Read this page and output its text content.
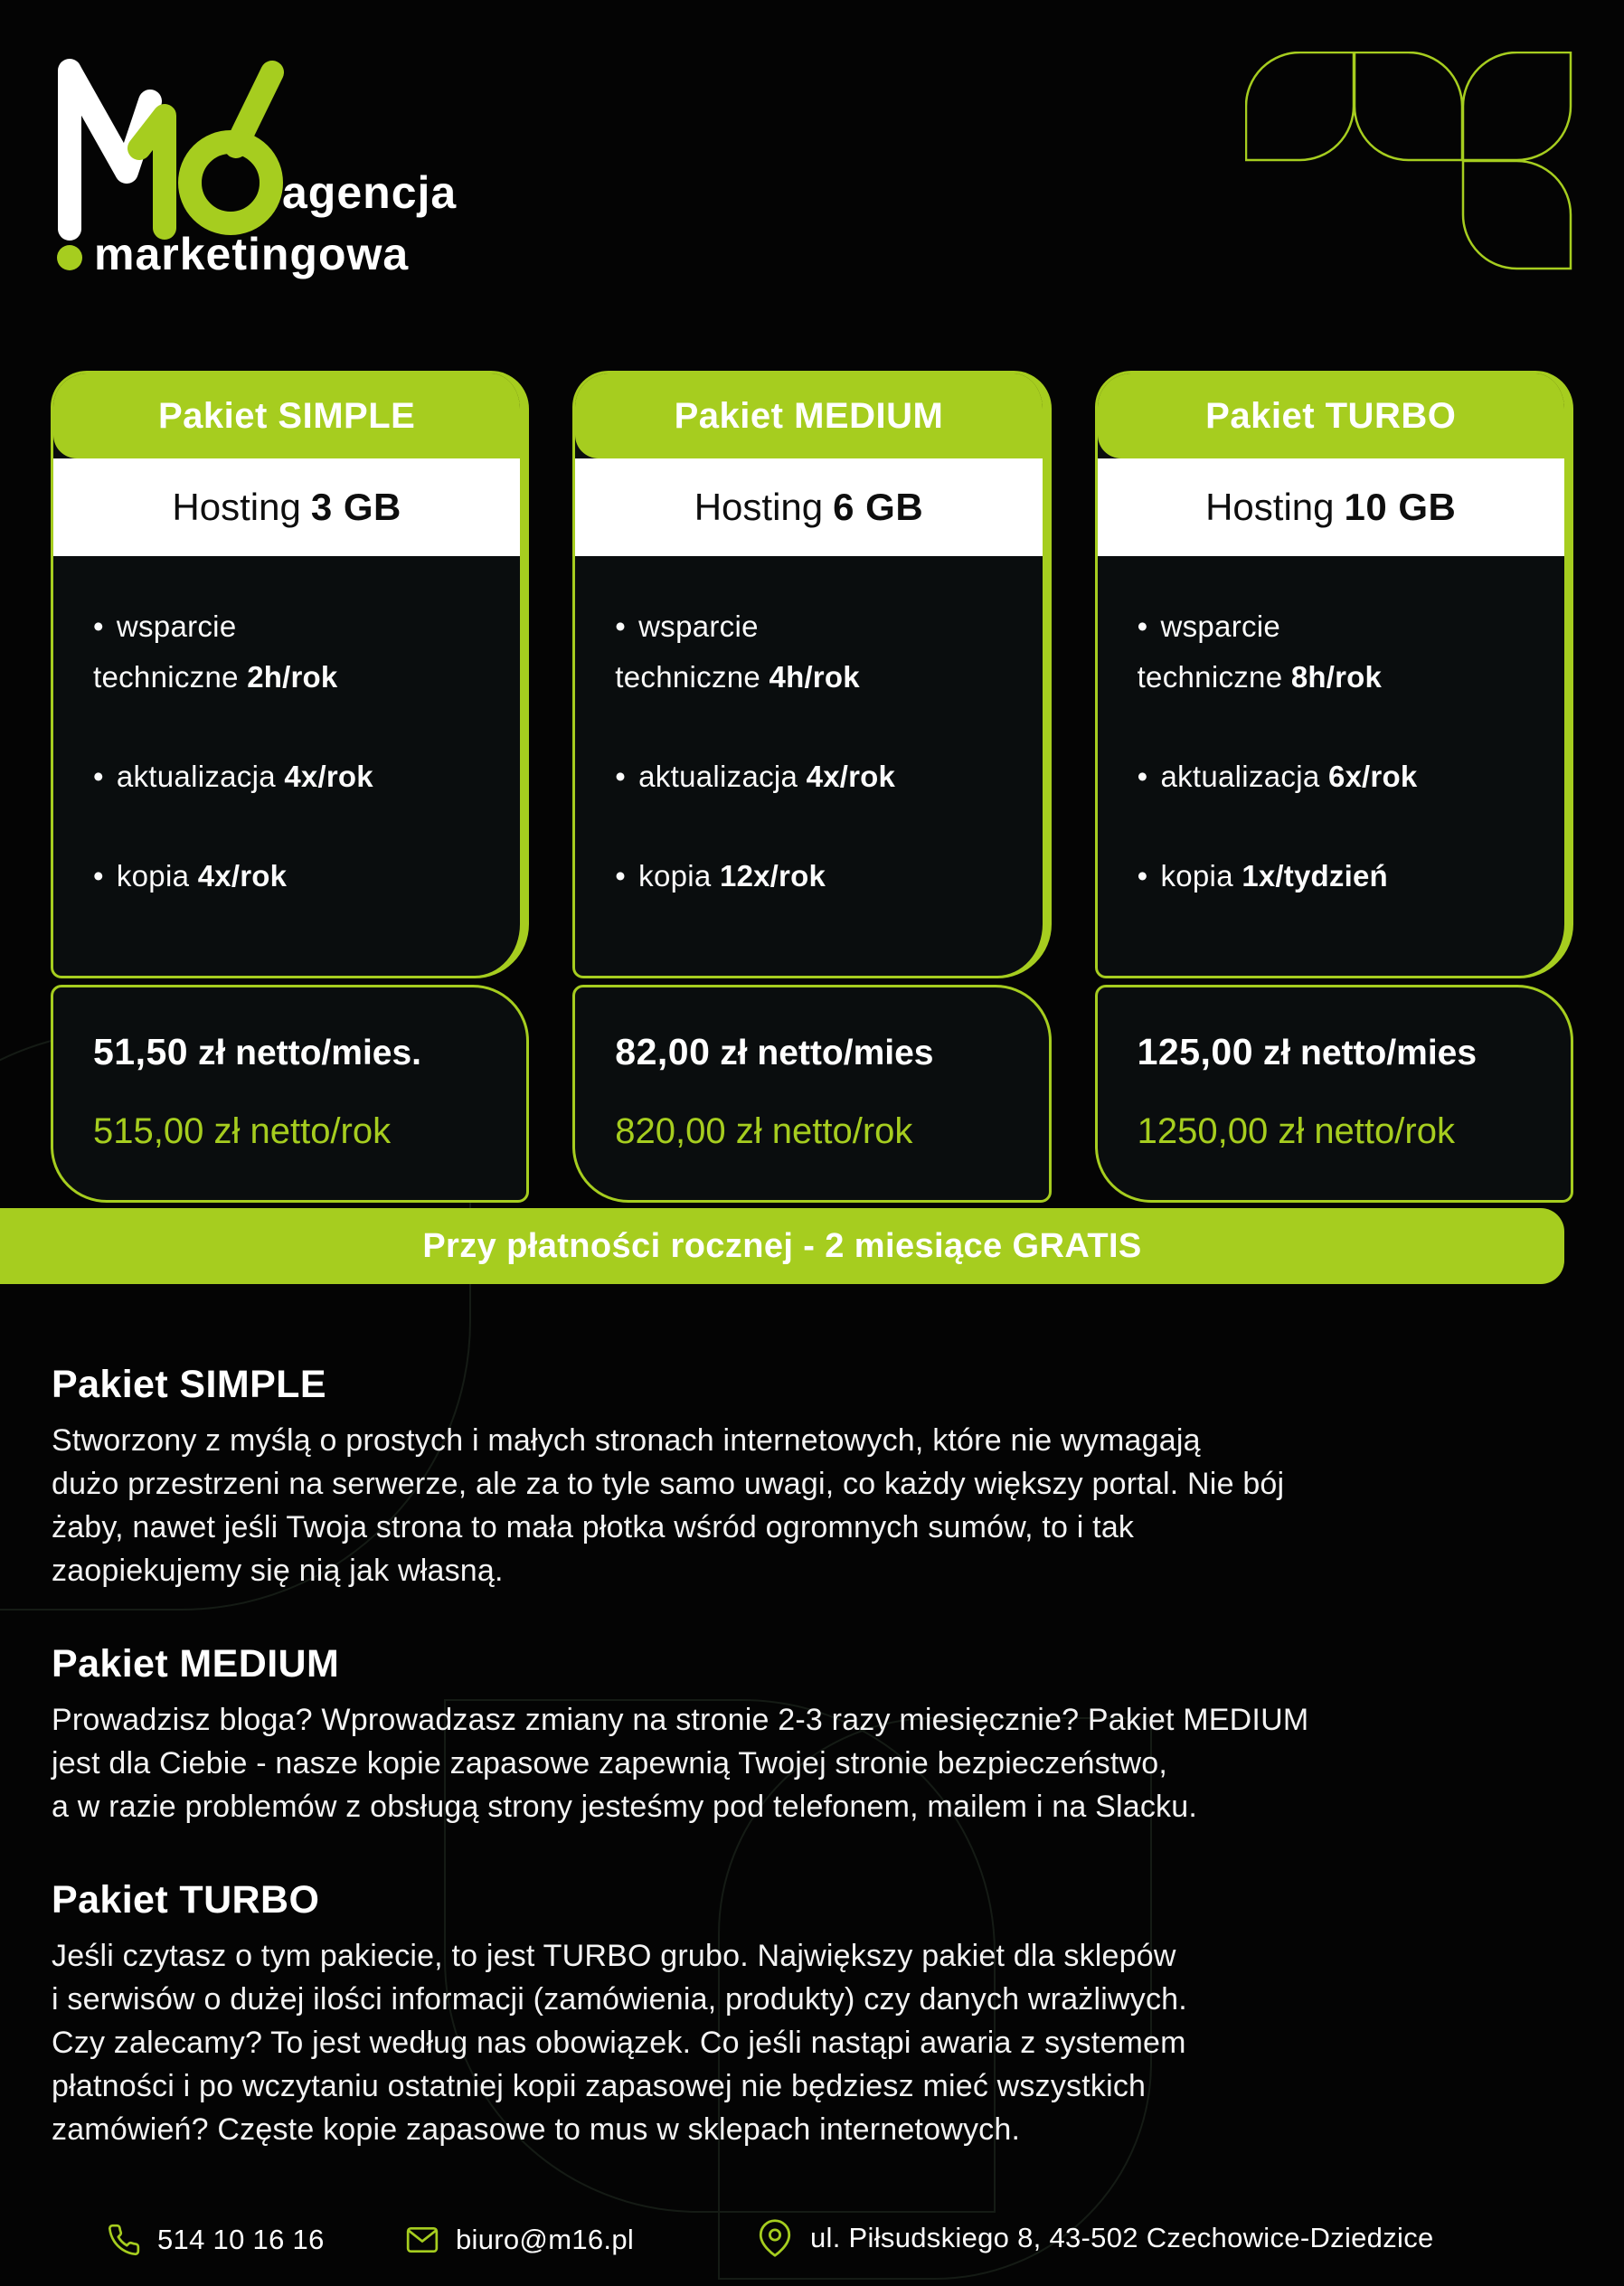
agencja
marketingowa
Pakiet SIMPLE
Hosting 3 GB
• wsparcie
techniczne 2h/rok
• aktualizacja 4x/rok
• kopia 4x/rok
51,50 zł netto/mies.
515,00 zł netto/rok
Pakiet MEDIUM
Hosting 6 GB
• wsparcie
techniczne 4h/rok
• aktualizacja 4x/rok
• kopia 12x/rok
82,00 zł netto/mies
820,00 zł netto/rok
Pakiet TURBO
Hosting 10 GB
• wsparcie
techniczne 8h/rok
• aktualizacja 6x/rok
• kopia 1x/tydzień
125,00 zł netto/mies
1250,00 zł netto/rok
Przy płatności rocznej - 2 miesiące GRATIS
Pakiet SIMPLE

Stworzony z myślą o prostych i małych stronach internetowych, które nie wymagają
dużo przestrzeni na serwerze, ale za to tyle samo uwagi, co każdy większy portal. Nie bój
żaby, nawet jeśli Twoja strona to mała płotka wśród ogromnych sumów, to i tak
zaopiekujemy się nią jak własną.

Pakiet MEDIUM

Prowadzisz bloga? Wprowadzasz zmiany na stronie 2-3 razy miesięcznie? Pakiet MEDIUM
jest dla Ciebie - nasze kopie zapasowe zapewnią Twojej stronie bezpieczeństwo,
a w razie problemów z obsługą strony jesteśmy pod telefonem, mailem i na Slacku.

Pakiet TURBO

Jeśli czytasz o tym pakiecie, to jest TURBO grubo. Największy pakiet dla sklepów
i serwisów o dużej ilości informacji (zamówienia, produkty) czy danych wrażliwych.
Czy zalecamy? To jest według nas obowiązek. Co jeśli nastąpi awaria z systemem
płatności i po wczytaniu ostatniej kopii zapasowej nie będziesz mieć wszystkich
zamówień? Częste kopie zapasowe to mus w sklepach internetowych.

514 10 16 16	biuro@m16.pl	ul. Piłsudskiego 8, 43-502 Czechowice-Dziedzice
